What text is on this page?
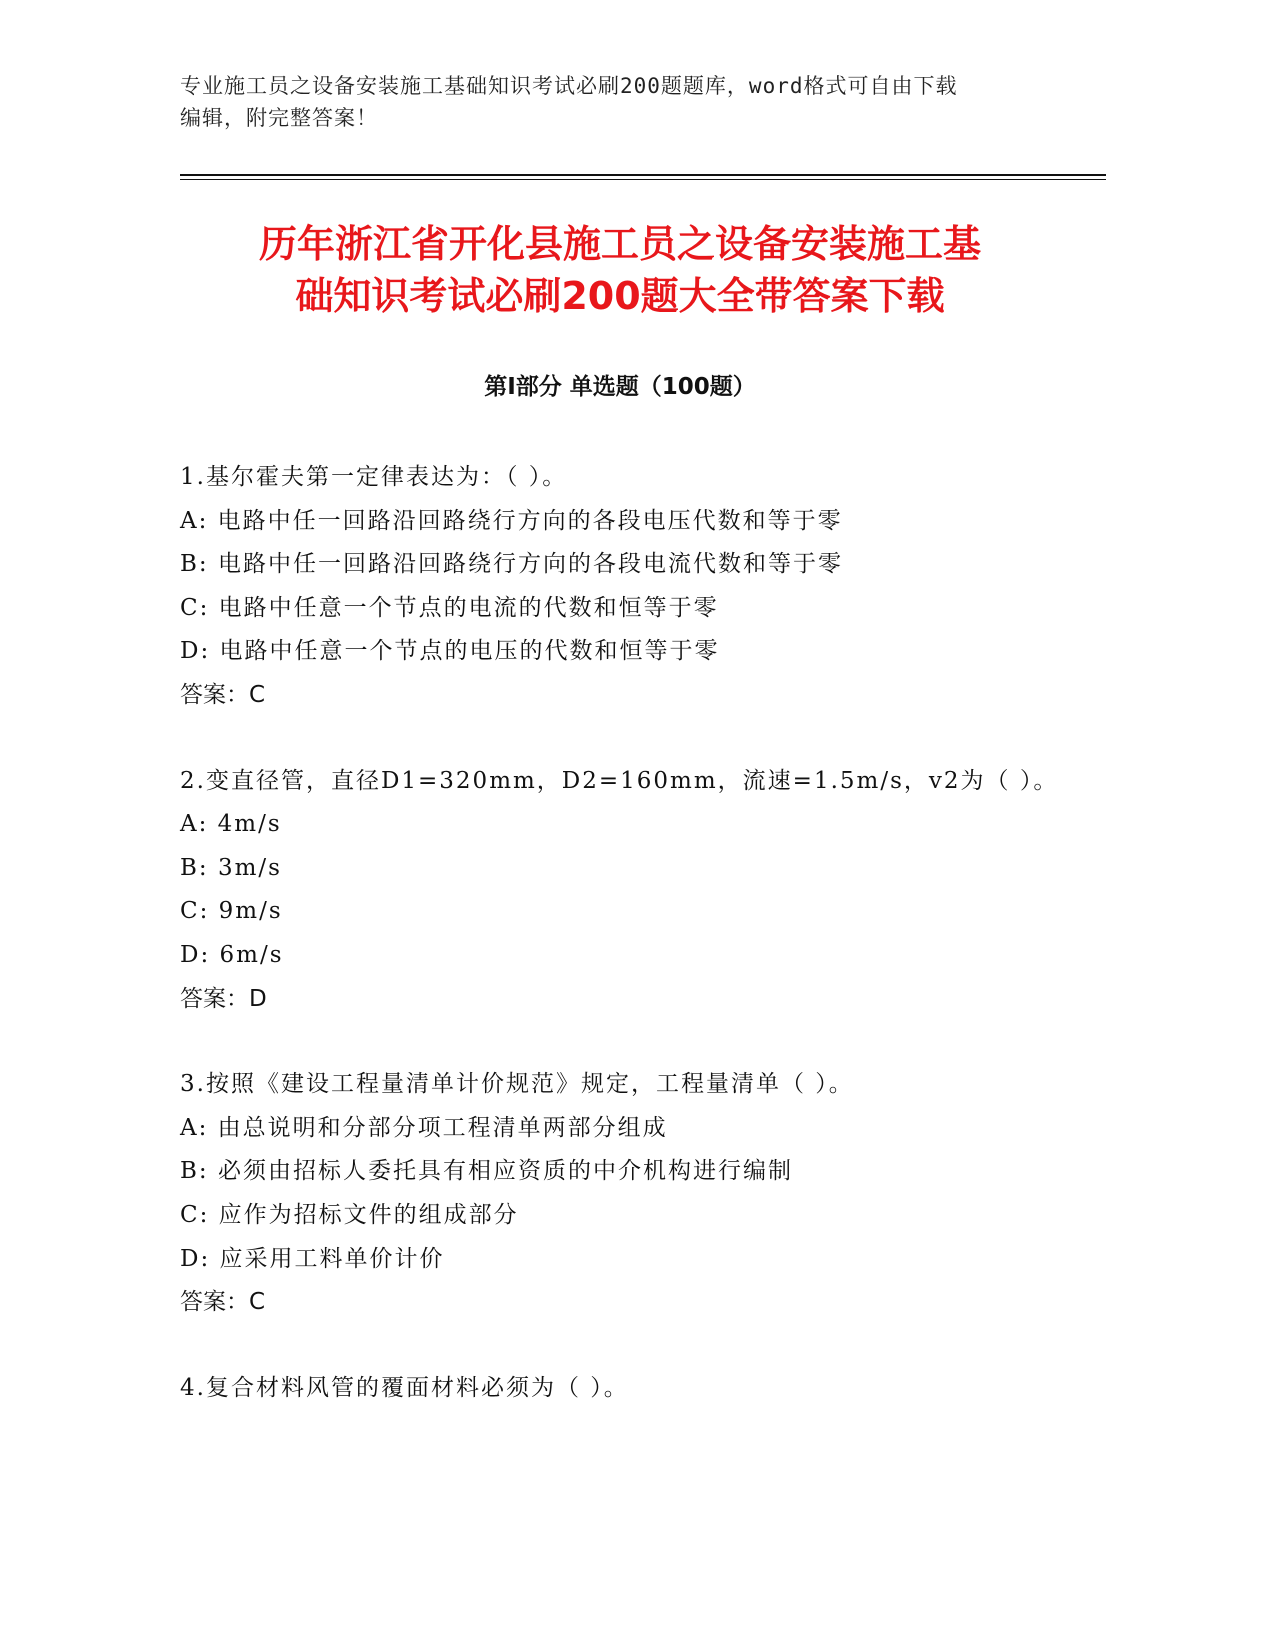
专业施工员之设备安装施工基础知识考试必刷200题题库，word格式可自由下载
编辑，附完整答案！
历年浙江省开化县施工员之设备安装施工基
础知识考试必刷200题大全带答案下载
第Ⅰ部分 单选题（100题）
1.基尔霍夫第一定律表达为：（ ）。
A: 电路中任一回路沿回路绕行方向的各段电压代数和等于零
B: 电路中任一回路沿回路绕行方向的各段电流代数和等于零
C: 电路中任意一个节点的电流的代数和恒等于零
D: 电路中任意一个节点的电压的代数和恒等于零
答案：C
2.变直径管，直径D1=320mm，D2=160mm，流速=1.5m/s，v2为（ ）。
A: 4m/s
B: 3m/s
C: 9m/s
D: 6m/s
答案：D
3.按照《建设工程量清单计价规范》规定，工程量清单（ ）。
A: 由总说明和分部分项工程清单两部分组成
B: 必须由招标人委托具有相应资质的中介机构进行编制
C: 应作为招标文件的组成部分
D: 应采用工料单价计价
答案：C
4.复合材料风管的覆面材料必须为（ ）。
